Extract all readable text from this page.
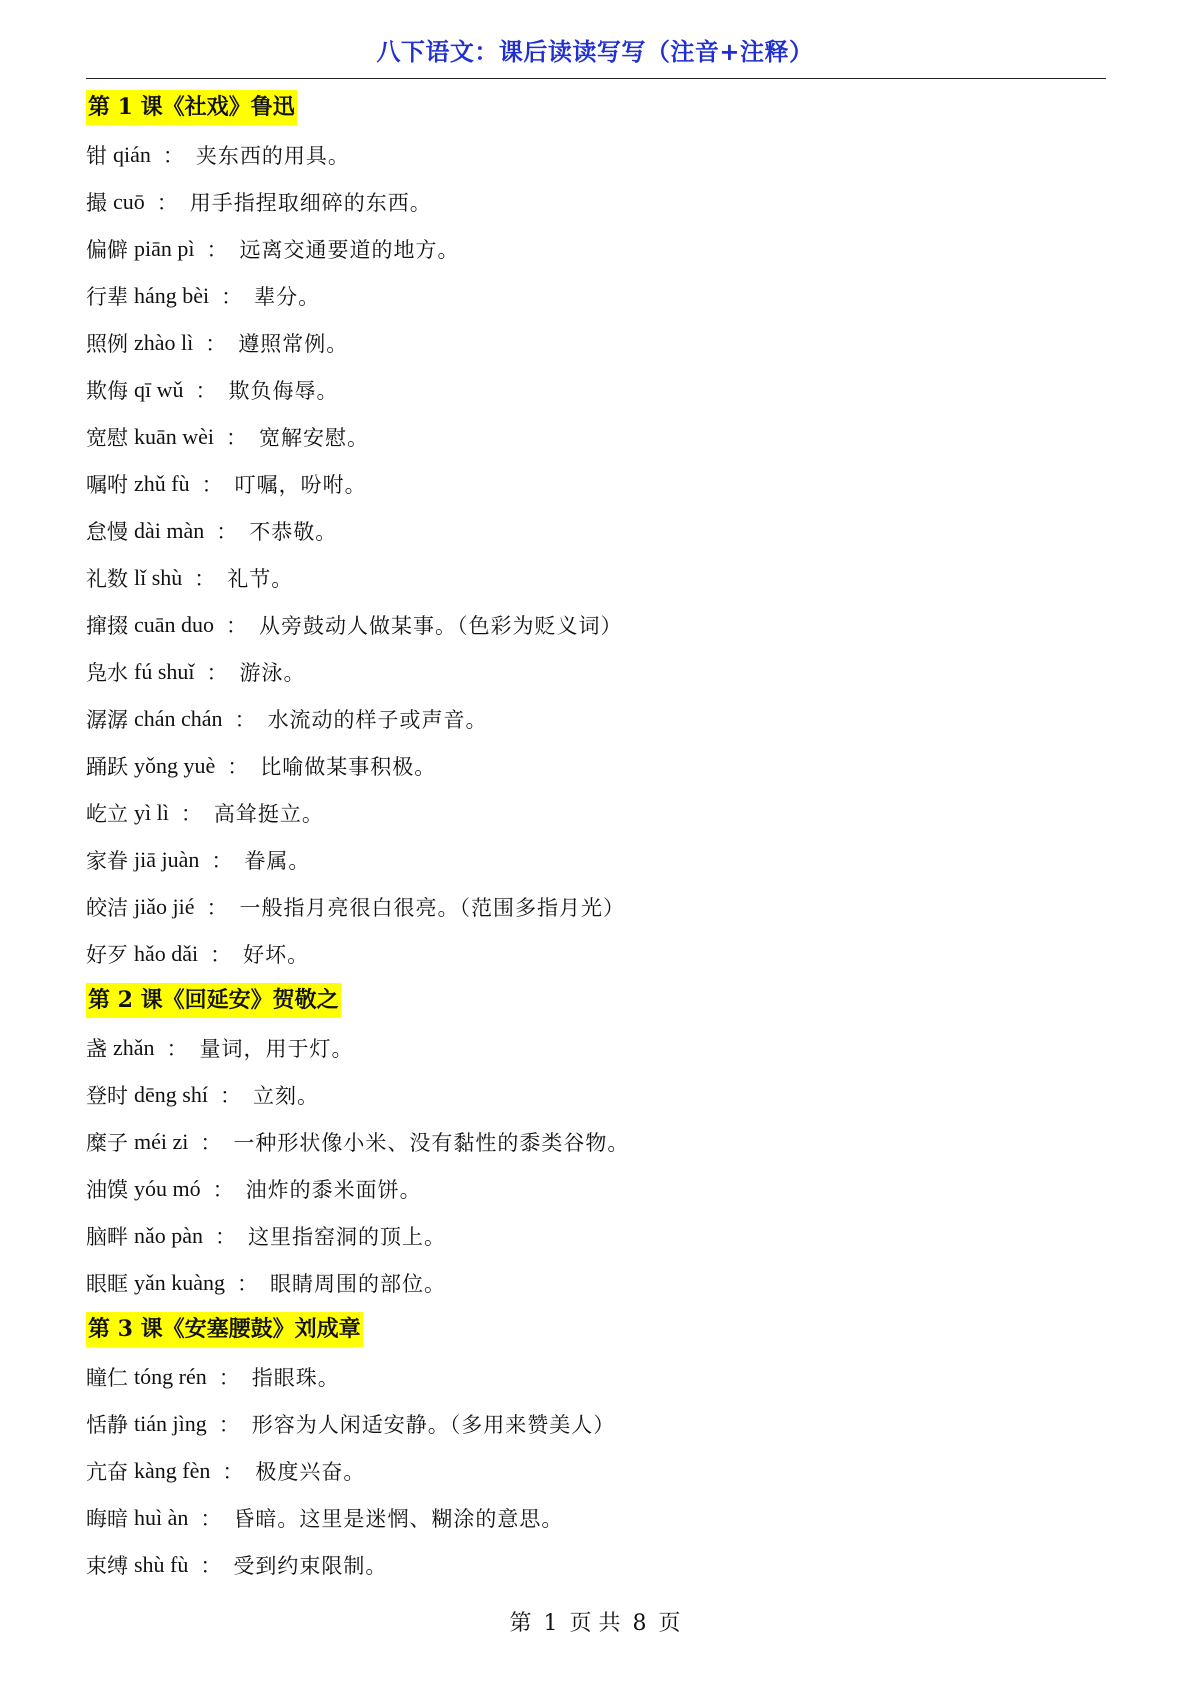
八下语文：课后读读写写（注音+注释）
第 1 课《社戏》鲁迅
钳 qián ： 夹东西的用具。
撮 cuō ： 用手指捏取细碎的东西。
偏僻 piān pì ： 远离交通要道的地方。
行辈 háng bèi ： 辈分。
照例 zhào lì ： 遵照常例。
欺侮 qī wǔ ： 欺负侮辱。
宽慰 kuān wèi ： 宽解安慰。
嘱咐 zhǔ fù ： 叮嘱，吩咐。
怠慢 dài màn ： 不恭敬。
礼数 lǐ shù ： 礼节。
撺掇 cuān duo ： 从旁鼓动人做某事。（色彩为贬义词）
凫水 fú shuǐ ： 游泳。
潺潺 chán chán ： 水流动的样子或声音。
踊跃 yǒng yuè ： 比喻做某事积极。
屹立 yì lì ： 高耸挺立。
家眷 jiā juàn ： 眷属。
皎洁 jiǎo jié ： 一般指月亮很白很亮。（范围多指月光）
好歹 hǎo dǎi ： 好坏。
第 2 课《回延安》贺敬之
盏 zhǎn ： 量词，用于灯。
登时 dēng shí ： 立刻。
糜子 méi zi ： 一种形状像小米、没有黏性的黍类谷物。
油馍 yóu mó ： 油炸的黍米面饼。
脑畔 nǎo pàn ： 这里指窑洞的顶上。
眼眶 yǎn kuàng ： 眼睛周围的部位。
第 3 课《安塞腰鼓》刘成章
瞳仁 tóng rén ： 指眼珠。
恬静 tián jìng ： 形容为人闲适安静。（多用来赞美人）
亢奋 kàng fèn ： 极度兴奋。
晦暗 huì àn ： 昏暗。这里是迷惘、糊涂的意思。
束缚 shù fù ： 受到约束限制。
第 1 页 共 8 页
